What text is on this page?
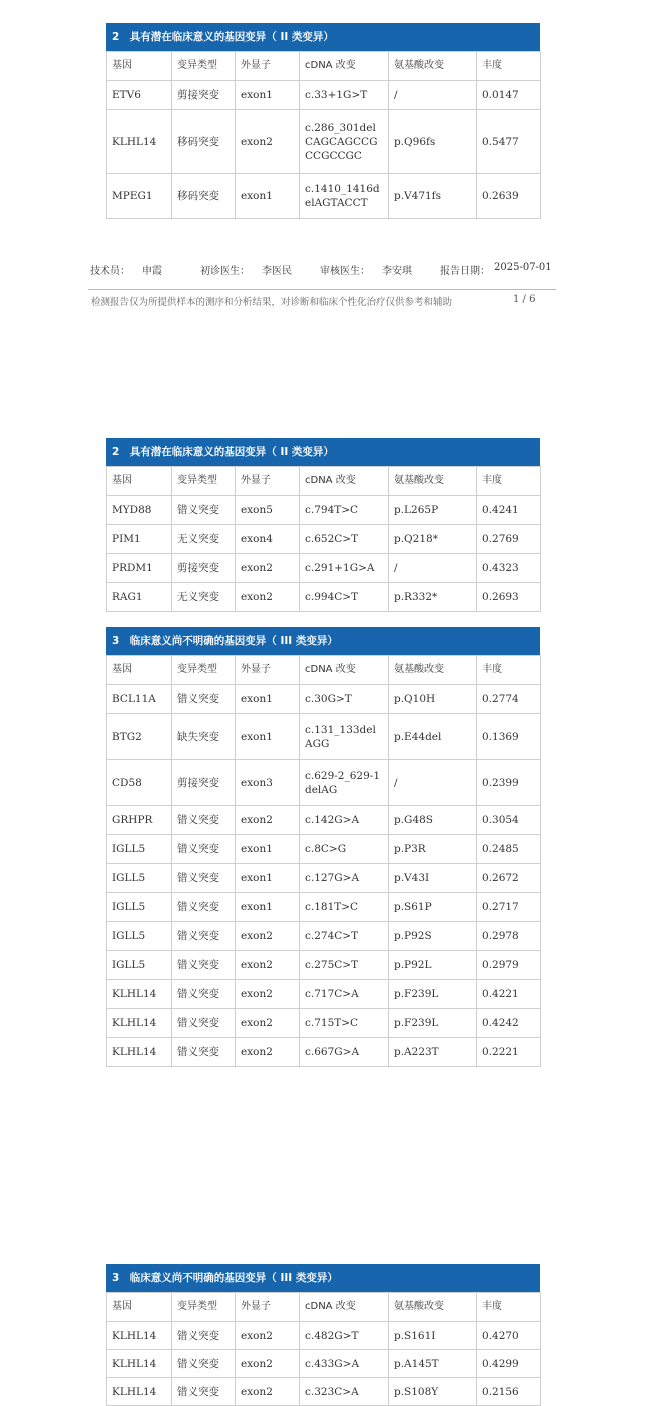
2　具有潜在临床意义的基因变异（ II 类变异）
基因	变异类型	外显子	cDNA 改变	氨基酸改变	丰度
ETV6	剪接突变	exon1	c.33+1G>T	/	0.0147
KLHL14	移码突变	exon2	c.286_301delCAGCAGCCGCCGCCGC	p.Q96fs	0.5477
MPEG1	移码突变	exon1	c.1410_1416delAGTACCT	p.V471fs	0.2639
技术员： 申霞	初诊医生： 李医民	审核医生： 李安琪	报告日期： 2025-07-01
检测报告仅为所提供样本的测序和分析结果，对诊断和临床个性化治疗仅供参考和辅助	1 / 6
2　具有潜在临床意义的基因变异（ II 类变异）
基因	变异类型	外显子	cDNA 改变	氨基酸改变	丰度
MYD88	错义突变	exon5	c.794T>C	p.L265P	0.4241
PIM1	无义突变	exon4	c.652C>T	p.Q218*	0.2769
PRDM1	剪接突变	exon2	c.291+1G>A	/	0.4323
RAG1	无义突变	exon2	c.994C>T	p.R332*	0.2693
3　临床意义尚不明确的基因变异（ III 类变异）
基因	变异类型	外显子	cDNA 改变	氨基酸改变	丰度
BCL11A	错义突变	exon1	c.30G>T	p.Q10H	0.2774
BTG2	缺失突变	exon1	c.131_133delAGG	p.E44del	0.1369
CD58	剪接突变	exon3	c.629-2_629-1delAG	/	0.2399
GRHPR	错义突变	exon2	c.142G>A	p.G48S	0.3054
IGLL5	错义突变	exon1	c.8C>G	p.P3R	0.2485
IGLL5	错义突变	exon1	c.127G>A	p.V43I	0.2672
IGLL5	错义突变	exon1	c.181T>C	p.S61P	0.2717
IGLL5	错义突变	exon2	c.274C>T	p.P92S	0.2978
IGLL5	错义突变	exon2	c.275C>T	p.P92L	0.2979
KLHL14	错义突变	exon2	c.717C>A	p.F239L	0.4221
KLHL14	错义突变	exon2	c.715T>C	p.F239L	0.4242
KLHL14	错义突变	exon2	c.667G>A	p.A223T	0.2221
3　临床意义尚不明确的基因变异（ III 类变异）
基因	变异类型	外显子	cDNA 改变	氨基酸改变	丰度
KLHL14	错义突变	exon2	c.482G>T	p.S161I	0.4270
KLHL14	错义突变	exon2	c.433G>A	p.A145T	0.4299
KLHL14	错义突变	exon2	c.323C>A	p.S108Y	0.2156
